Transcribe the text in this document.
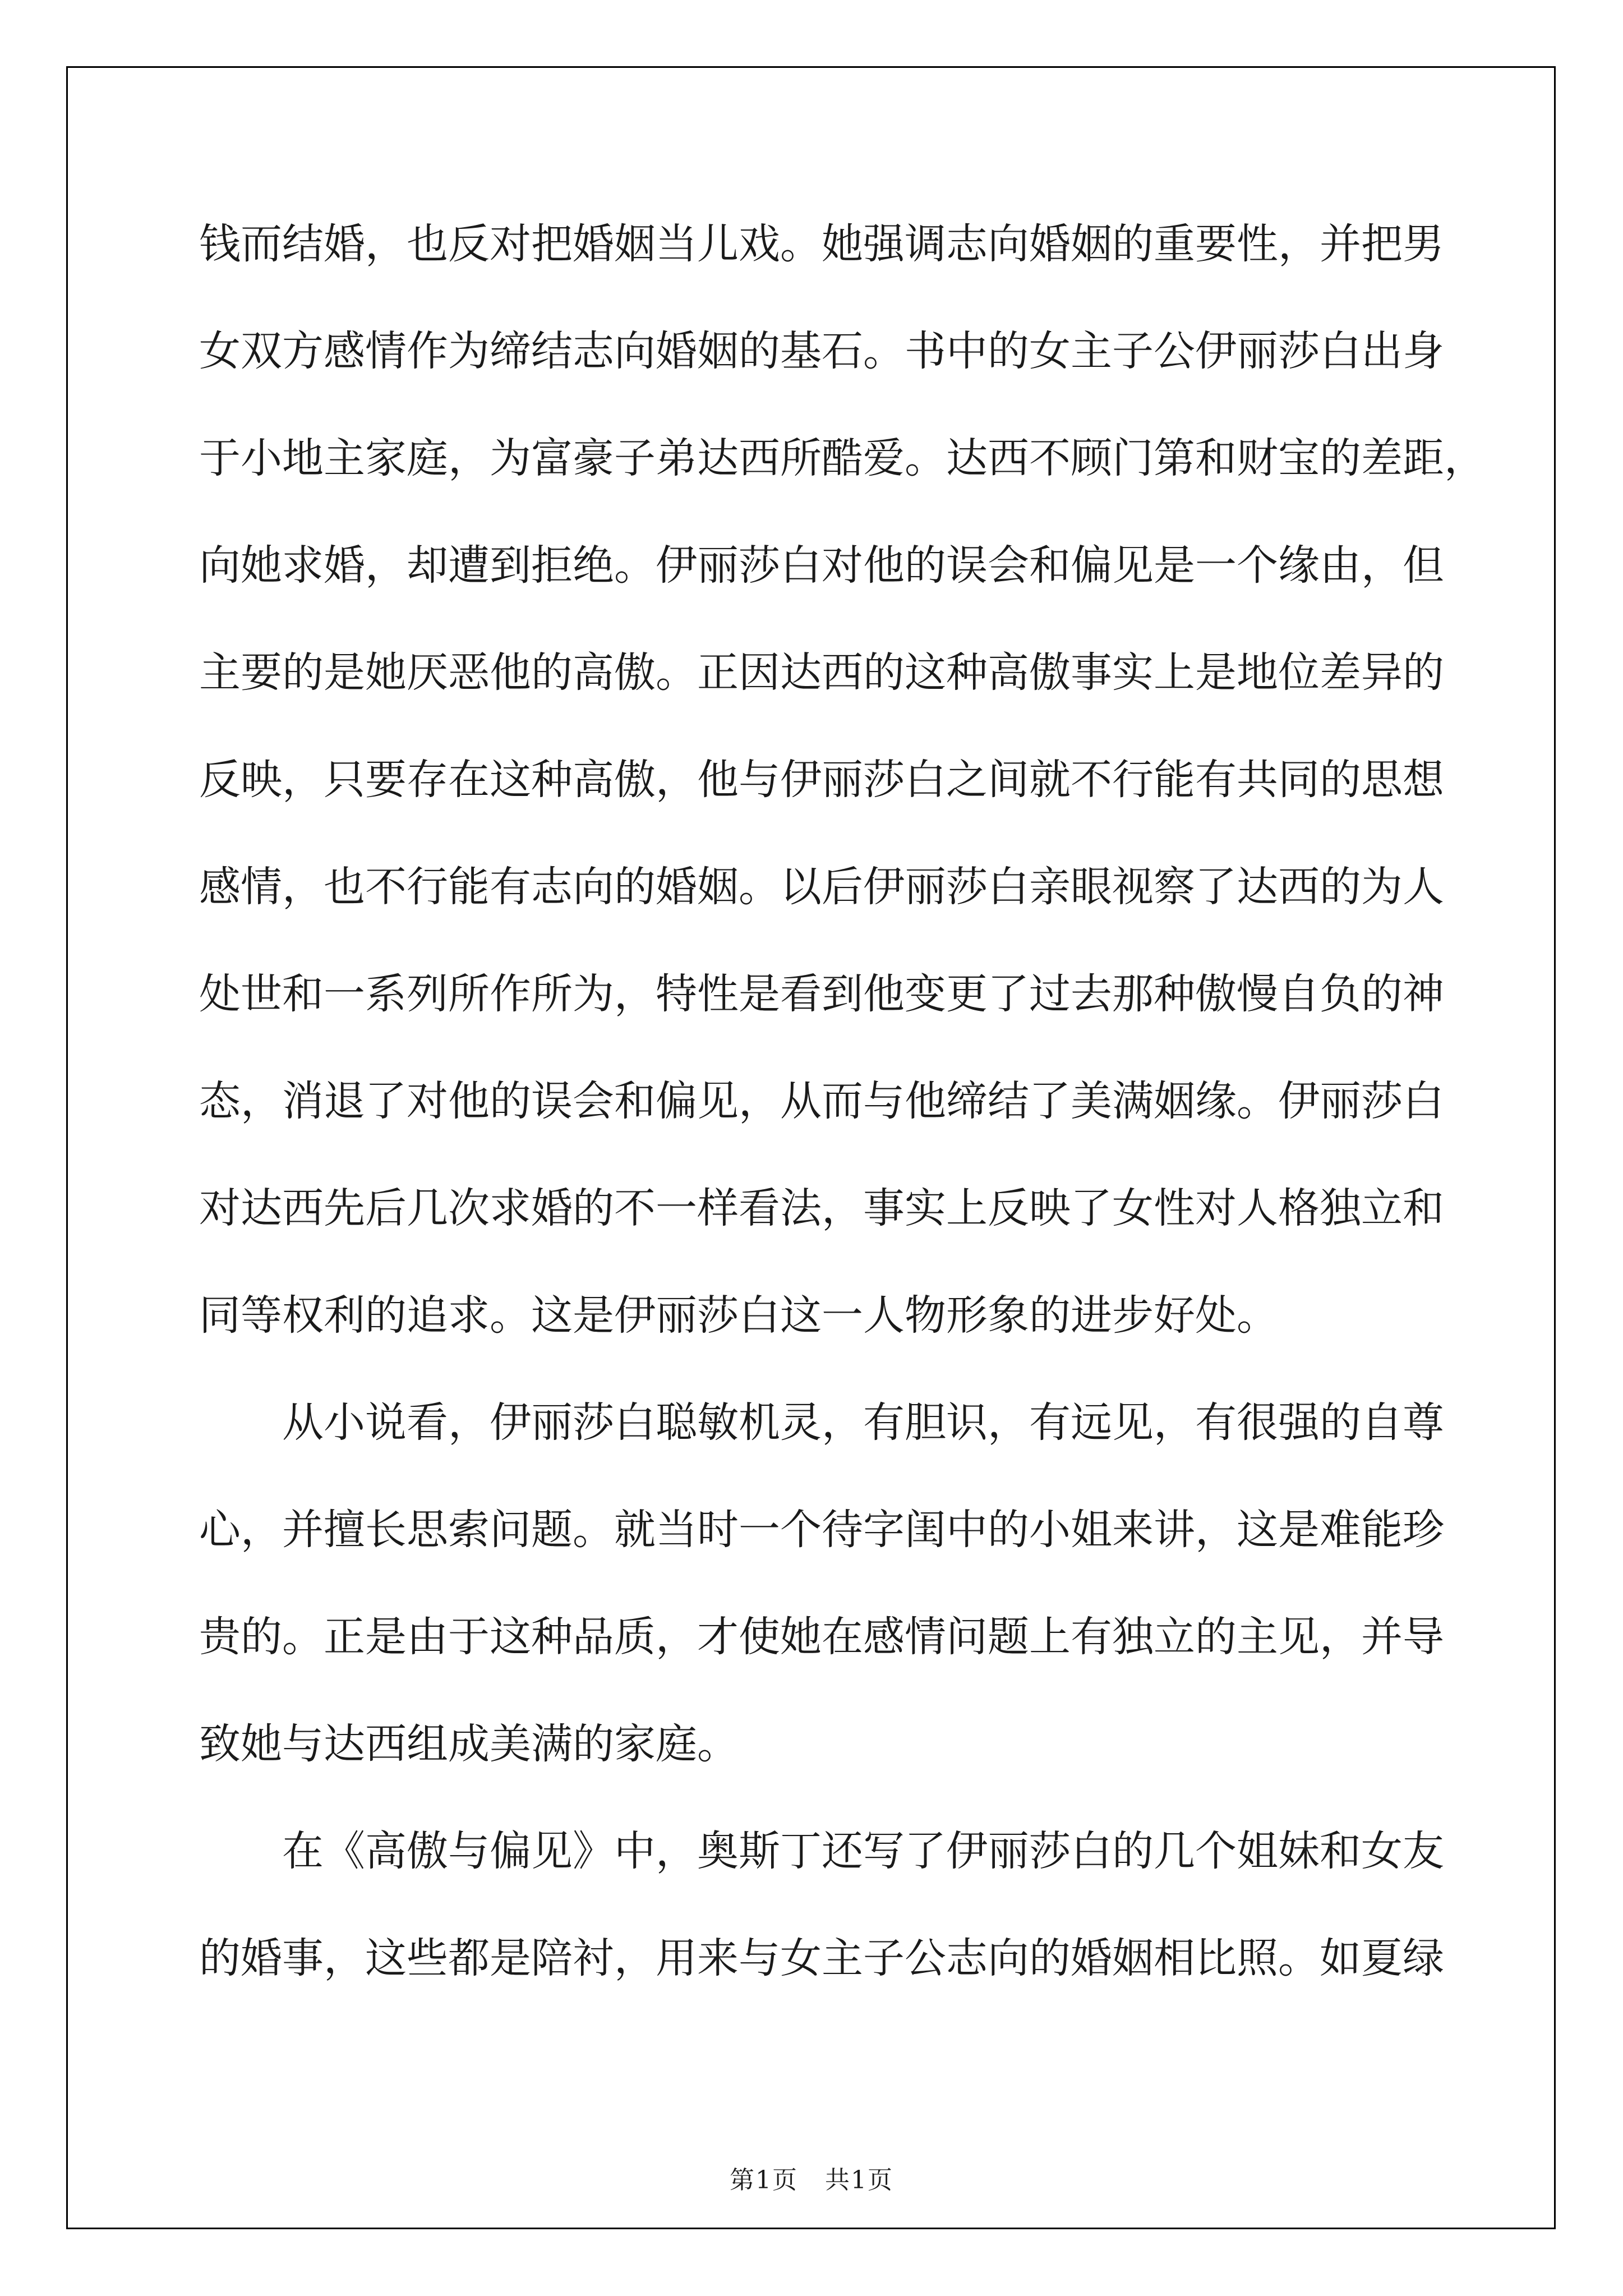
钱而结婚，也反对把婚姻当儿戏。她强调志向婚姻的重要性，并把男
女双方感情作为缔结志向婚姻的基石。书中的女主子公伊丽莎白出身
于小地主家庭，为富豪子弟达西所酷爱。达西不顾门第和财宝的差距，
向她求婚，却遭到拒绝。伊丽莎白对他的误会和偏见是一个缘由，但
主要的是她厌恶他的高傲。正因达西的这种高傲事实上是地位差异的
反映，只要存在这种高傲，他与伊丽莎白之间就不行能有共同的思想
感情，也不行能有志向的婚姻。以后伊丽莎白亲眼视察了达西的为人
处世和一系列所作所为，特性是看到他变更了过去那种傲慢自负的神
态，消退了对他的误会和偏见，从而与他缔结了美满姻缘。伊丽莎白
对达西先后几次求婚的不一样看法，事实上反映了女性对人格独立和
同等权利的追求。这是伊丽莎白这一人物形象的进步好处。
从小说看，伊丽莎白聪敏机灵，有胆识，有远见，有很强的自尊
心，并擅长思索问题。就当时一个待字闺中的小姐来讲，这是难能珍
贵的。正是由于这种品质，才使她在感情问题上有独立的主见，并导
致她与达西组成美满的家庭。
在《高傲与偏见》中，奥斯丁还写了伊丽莎白的几个姐妹和女友
的婚事，这些都是陪衬，用来与女主子公志向的婚姻相比照。如夏绿
第1页 共1页
